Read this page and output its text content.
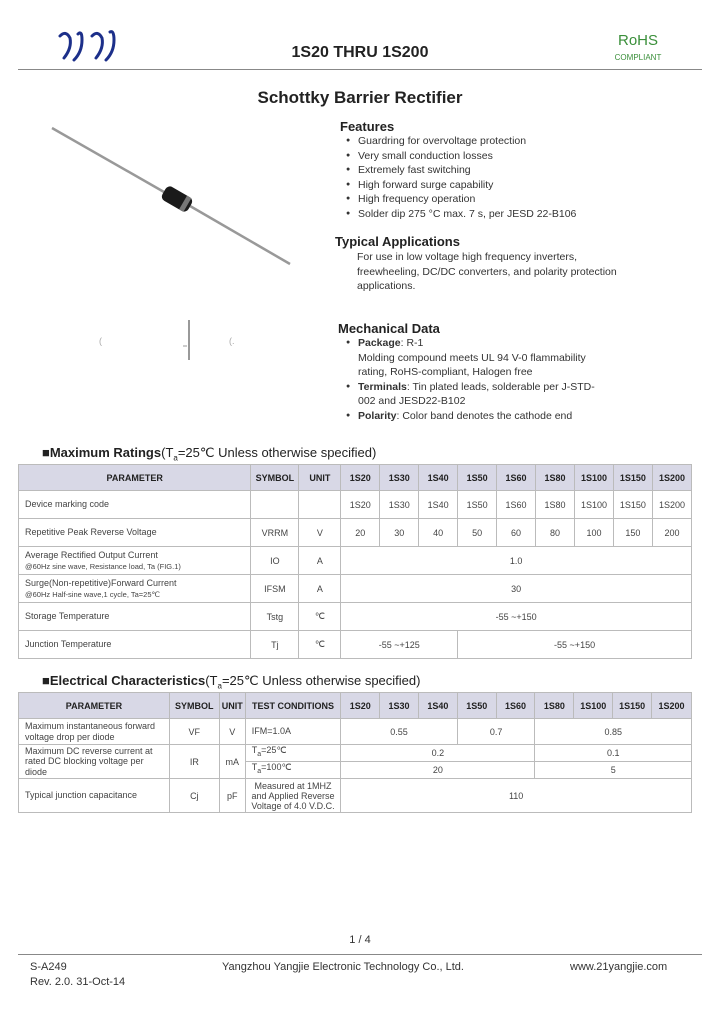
1S20 THRU 1S200
RoHS
COMPLIANT
Schottky Barrier Rectifier
(	(.
Features
● Guardring for overvoltage protection
● Very small conduction losses
● Extremely fast switching
● High forward surge capability
● High frequency operation
● Solder dip 275 °C max. 7 s, per JESD 22-B106
Typical Applications
For use in low voltage high frequency inverters,
freewheeling, DC/DC converters, and polarity protection
applications.
Mechanical Data
● Package: R-1
Molding compound meets UL 94 V-0 flammability
rating, RoHS-compliant, Halogen free
● Terminals: Tin plated leads, solderable per J-STD-
002 and JESD22-B102
● Polarity: Color band denotes the cathode end
■Maximum $Ratings(T_a=25℃$ Unless otherwise specified)
PARAMETER	SYMBOL	UNIT	1S20	1S30	1S40	1S50	1S60	1S80	1S100	1S150	1S200
Device marking code			1S20	1S30	1S40	1S50	1S60	1S80	1S100	1S150	1S200
Repetitive Peak Reverse Voltage	VRRM	V	20	30	40	50	60	80	100	150	200
Average Rectified Output Current
@60Hz sine wave, Resistance load, Ta (FIG.1)	IO	A	1.0								
Surge(Non-repetitive)Forward Current
@60Hz Half-sine wave,1 cycle, Ta=25℃	IFSM	A	30								
Storage Temperature	Tstg	℃	-55 ~+150								
Junction Temperature	Tj	℃	-55 ~+125			-55 ~+150					
■Electrical $Characteristics(T_a=25℃$ Unless otherwise specified)
PARAMETER	SYMBOL	UNIT	TEST CONDITIONS	1S20	1S30	1S40	1S50	1S60	1S80	1S100	1S150	1S200
Maximum instantaneous forward
voltage drop per diode	VF	V	IFM=1.0A	0.55			0.7		0.85			
Maximum DC reverse current at
rated DC blocking voltage per
diode	IR	mA	$T_a=25℃$	0.2					0.1			
			$T_a=100℃$	20					5			
Typical junction capacitance	Cj	pF	Measured at 1MHZ
and Applied Reverse
Voltage of 4.0 V.D.C.	110								
1 / 4
S-A249
Rev. 2.0. 31-Oct-14
Yangzhou Yangjie Electronic Technology Co., Ltd.	www.21yangjie.com
